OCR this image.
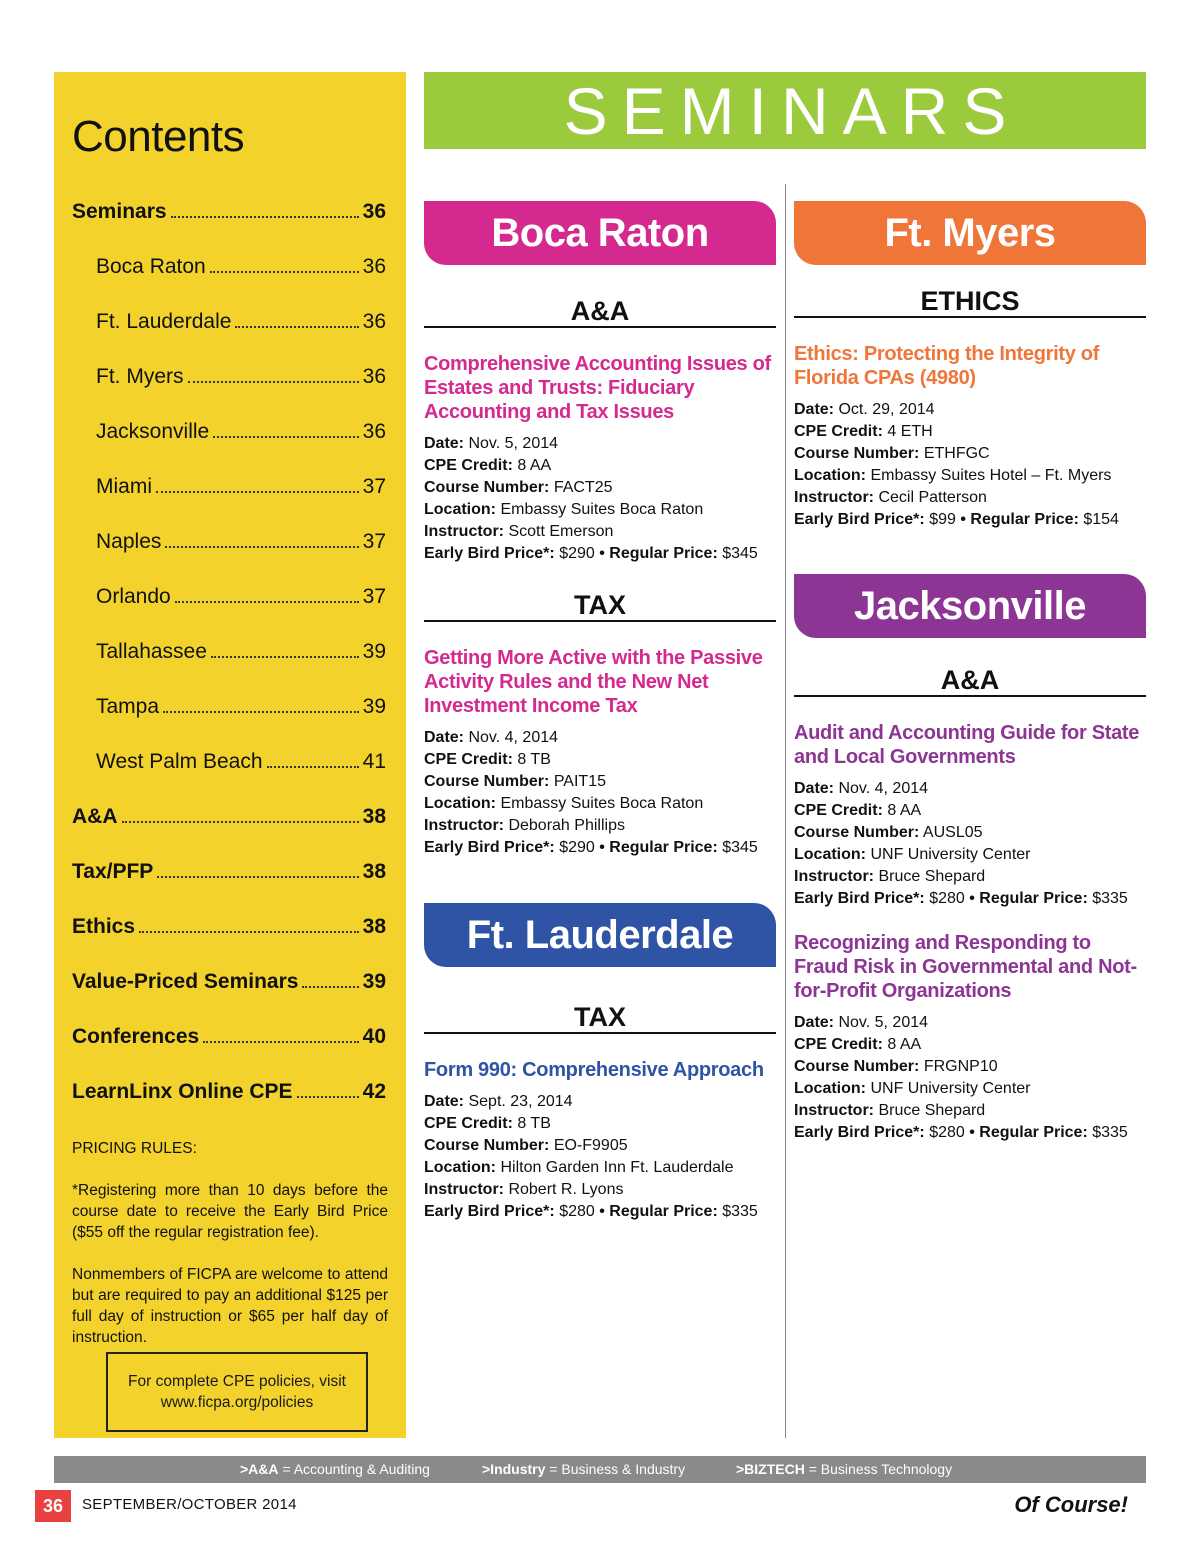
Contents
Seminars	36
Boca Raton	36
Ft. Lauderdale	36
Ft. Myers	36
Jacksonville	36
Miami	37
Naples	37
Orlando	37
Tallahassee	39
Tampa	39
West Palm Beach	41
A&A	38
Tax/PFP	38
Ethics	38
Value-Priced Seminars	39
Conferences	40
LearnLinx Online CPE	42
PRICING RULES:
*Registering more than 10 days before the course date to receive the Early Bird Price ($55 off the regular registration fee).
Nonmembers of FICPA are welcome to attend but are required to pay an additional $125 per full day of instruction or $65 per half day of instruction.
For complete CPE policies, visit
www.ficpa.org/policies
SEMINARS
Boca Raton
A&A
Comprehensive Accounting Issues of Estates and Trusts: Fiduciary Accounting and Tax Issues
Date: Nov. 5, 2014
CPE Credit: 8 AA
Course Number: FACT25
Location: Embassy Suites Boca Raton
Instructor: Scott Emerson
Early Bird Price*: $290 • Regular Price: $345
TAX
Getting More Active with the Passive Activity Rules and the New Net Investment Income Tax
Date: Nov. 4, 2014
CPE Credit: 8 TB
Course Number: PAIT15
Location: Embassy Suites Boca Raton
Instructor: Deborah Phillips
Early Bird Price*: $290 • Regular Price: $345
Ft. Lauderdale
TAX
Form 990: Comprehensive Approach
Date: Sept. 23, 2014
CPE Credit: 8 TB
Course Number: EO-F9905
Location: Hilton Garden Inn Ft. Lauderdale
Instructor: Robert R. Lyons
Early Bird Price*: $280 • Regular Price: $335
Ft. Myers
ETHICS
Ethics: Protecting the Integrity of Florida CPAs (4980)
Date: Oct. 29, 2014
CPE Credit: 4 ETH
Course Number: ETHFGC
Location: Embassy Suites Hotel – Ft. Myers
Instructor: Cecil Patterson
Early Bird Price*: $99 • Regular Price: $154
Jacksonville
A&A
Audit and Accounting Guide for State and Local Governments
Date: Nov. 4, 2014
CPE Credit: 8 AA
Course Number: AUSL05
Location: UNF University Center
Instructor: Bruce Shepard
Early Bird Price*: $280 • Regular Price: $335
Recognizing and Responding to Fraud Risk in Governmental and Not-for-Profit Organizations
Date: Nov. 5, 2014
CPE Credit: 8 AA
Course Number: FRGNP10
Location: UNF University Center
Instructor: Bruce Shepard
Early Bird Price*: $280 • Regular Price: $335
>A&A = Accounting & Auditing	>Industry = Business & Industry	>BIZTECH = Business Technology
36	SEPTEMBER/OCTOBER 2014	Of Course!
